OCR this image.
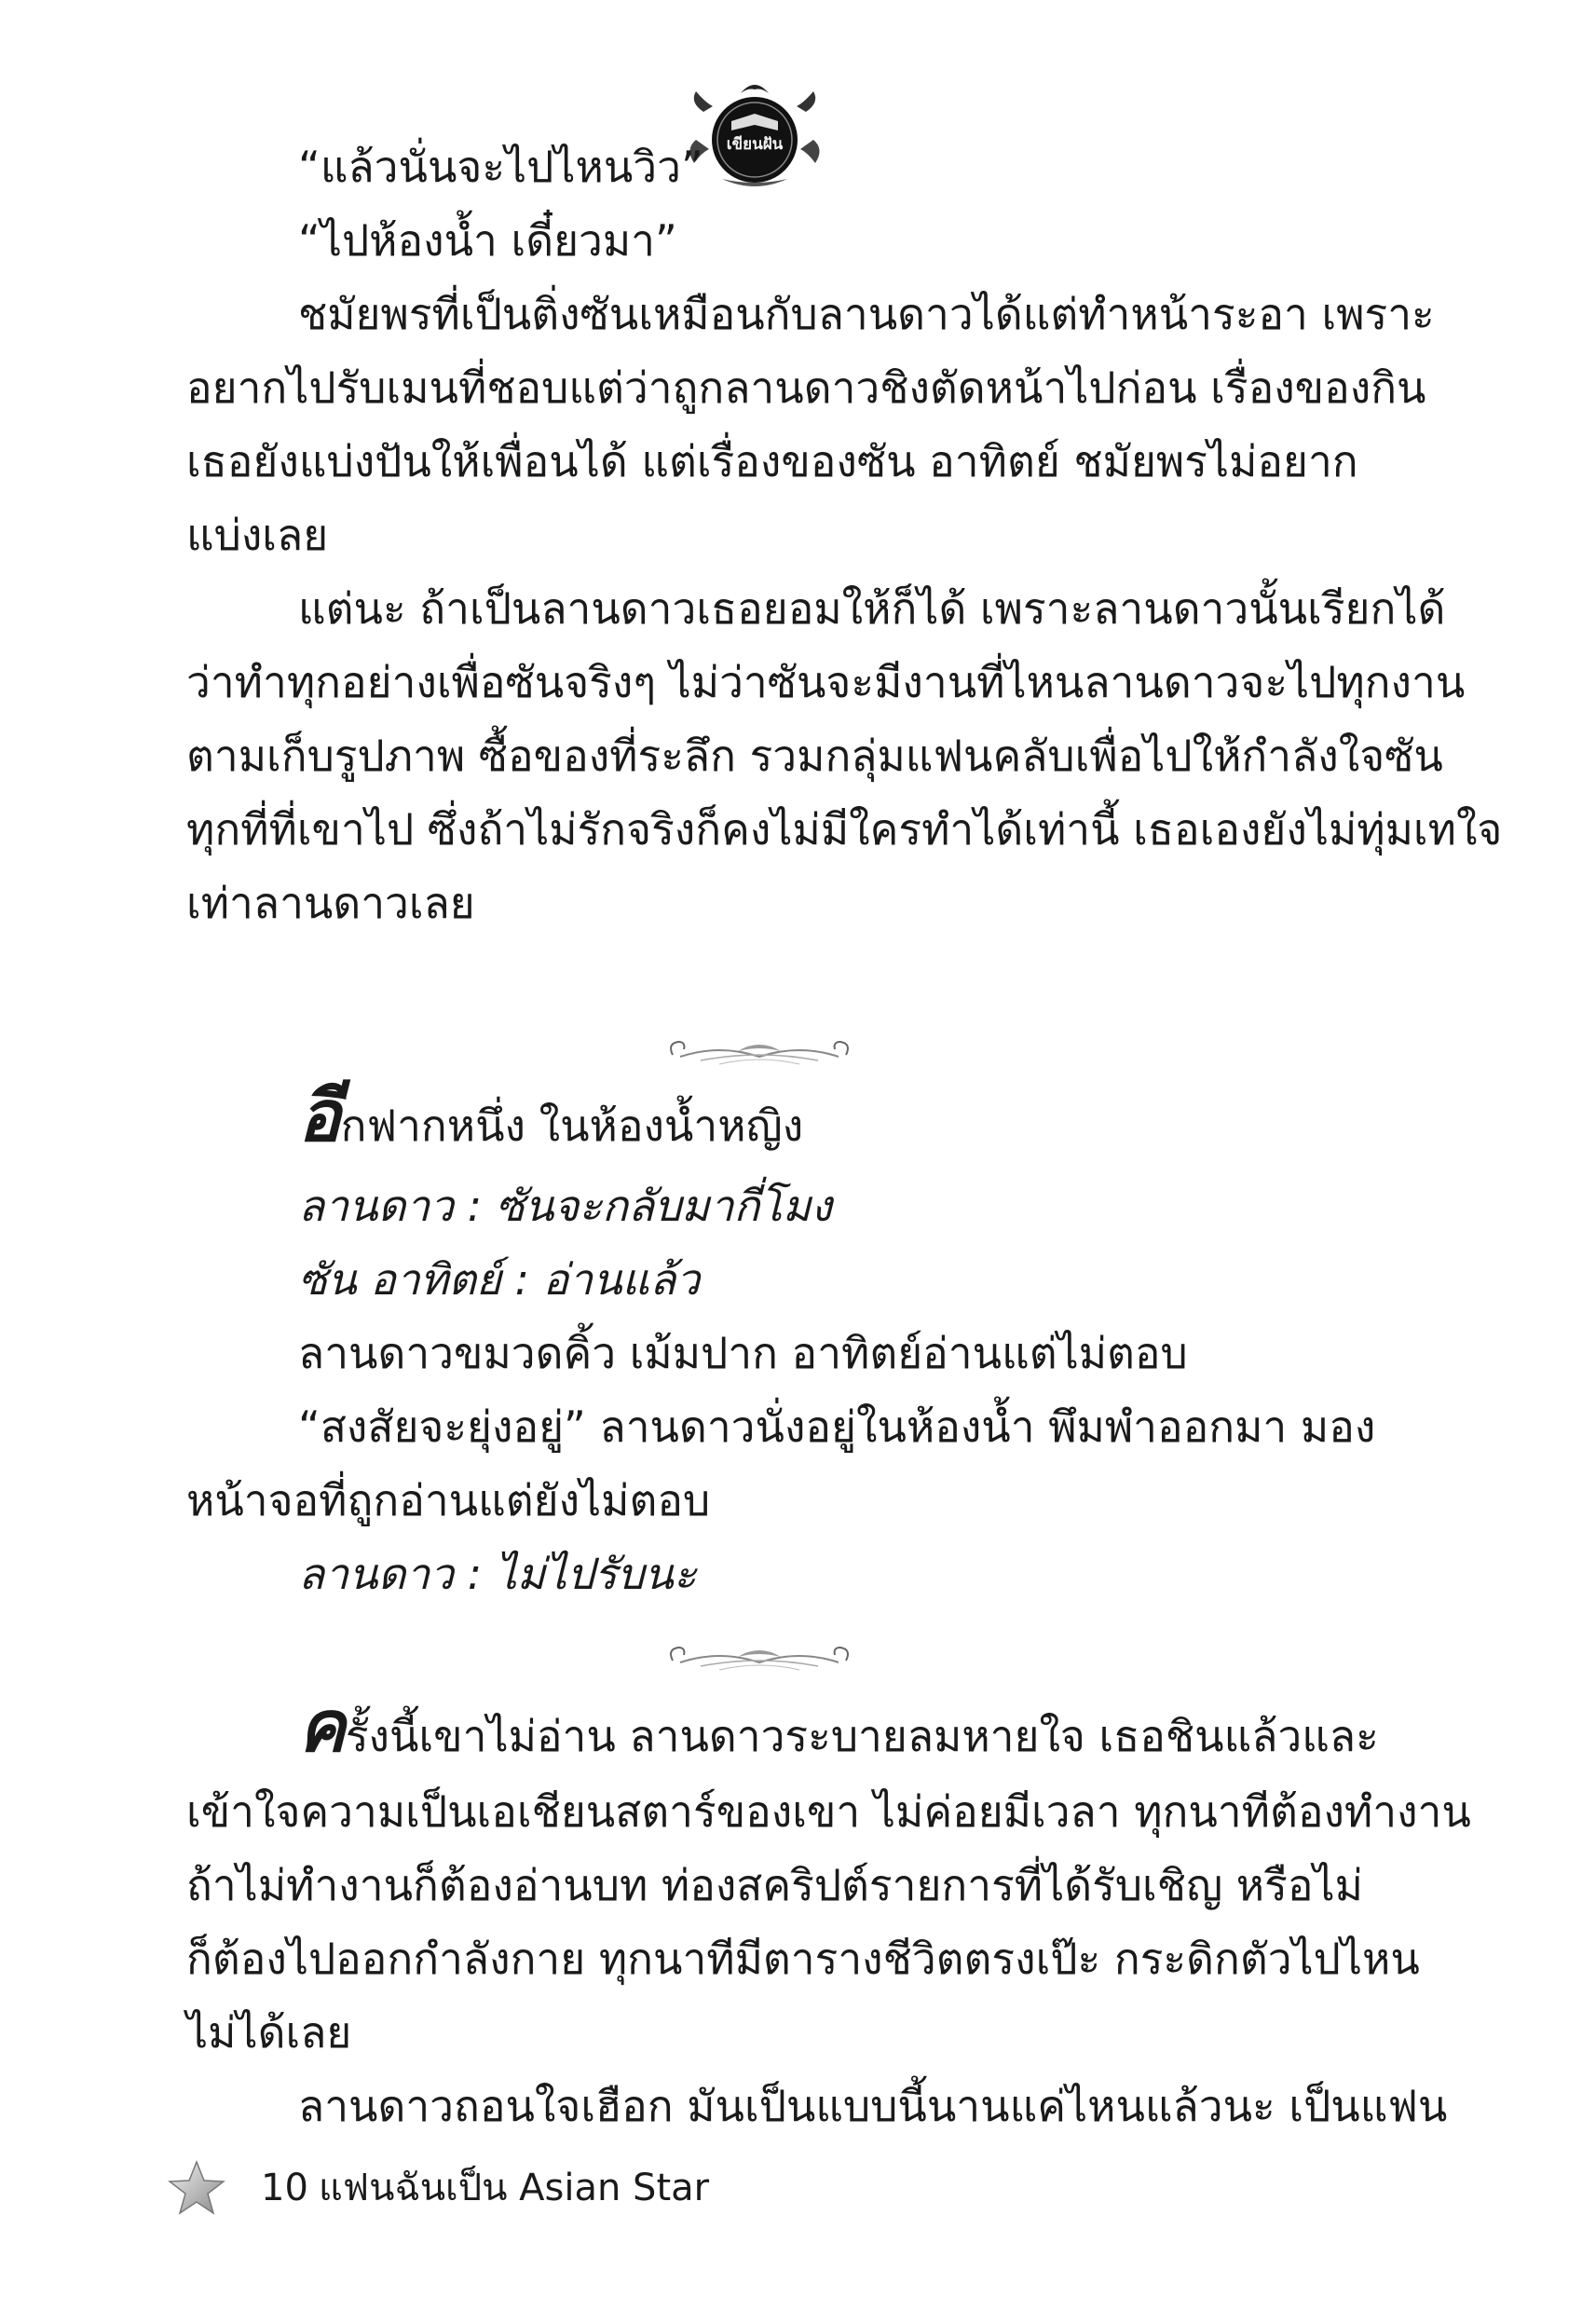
เขียนฝัน
“แล้วนั่นจะไปไหนวิว”
“ไปห้องน้ำ เดี๋ยวมา”
ชมัยพรที่เป็นติ่งซันเหมือนกับลานดาวได้แต่ทำหน้าระอา เพราะ
อยากไปรับเมนที่ชอบแต่ว่าถูกลานดาวชิงตัดหน้าไปก่อน เรื่องของกิน
เธอยังแบ่งปันให้เพื่อนได้ แต่เรื่องของซัน อาทิตย์ ชมัยพรไม่อยาก
แบ่งเลย
แต่นะ ถ้าเป็นลานดาวเธอยอมให้ก็ได้ เพราะลานดาวนั้นเรียกได้
ว่าทำทุกอย่างเพื่อซันจริงๆ ไม่ว่าซันจะมีงานที่ไหนลานดาวจะไปทุกงาน
ตามเก็บรูปภาพ ซื้อของที่ระลึก รวมกลุ่มแฟนคลับเพื่อไปให้กำลังใจซัน
ทุกที่ที่เขาไป ซึ่งถ้าไม่รักจริงก็คงไม่มีใครทำได้เท่านี้ เธอเองยังไม่ทุ่มเทใจ
เท่าลานดาวเลย
อีกฟากหนึ่ง ในห้องน้ำหญิง
ลานดาว : ซันจะกลับมากี่โมง
ซัน อาทิตย์ : อ่านแล้ว
ลานดาวขมวดคิ้ว เม้มปาก อาทิตย์อ่านแต่ไม่ตอบ
“สงสัยจะยุ่งอยู่” ลานดาวนั่งอยู่ในห้องน้ำ พึมพำออกมา มอง
หน้าจอที่ถูกอ่านแต่ยังไม่ตอบ
ลานดาว : ไม่ไปรับนะ
ครั้งนี้เขาไม่อ่าน ลานดาวระบายลมหายใจ เธอชินแล้วและ
เข้าใจความเป็นเอเชียนสตาร์ของเขา ไม่ค่อยมีเวลา ทุกนาทีต้องทำงาน
ถ้าไม่ทำงานก็ต้องอ่านบท ท่องสคริปต์รายการที่ได้รับเชิญ หรือไม่
ก็ต้องไปออกกำลังกาย ทุกนาทีมีตารางชีวิตตรงเป๊ะ กระดิกตัวไปไหน
ไม่ได้เลย
ลานดาวถอนใจเฮือก มันเป็นแบบนี้นานแค่ไหนแล้วนะ เป็นแฟน
10 แฟนฉันเป็น Asian Star
